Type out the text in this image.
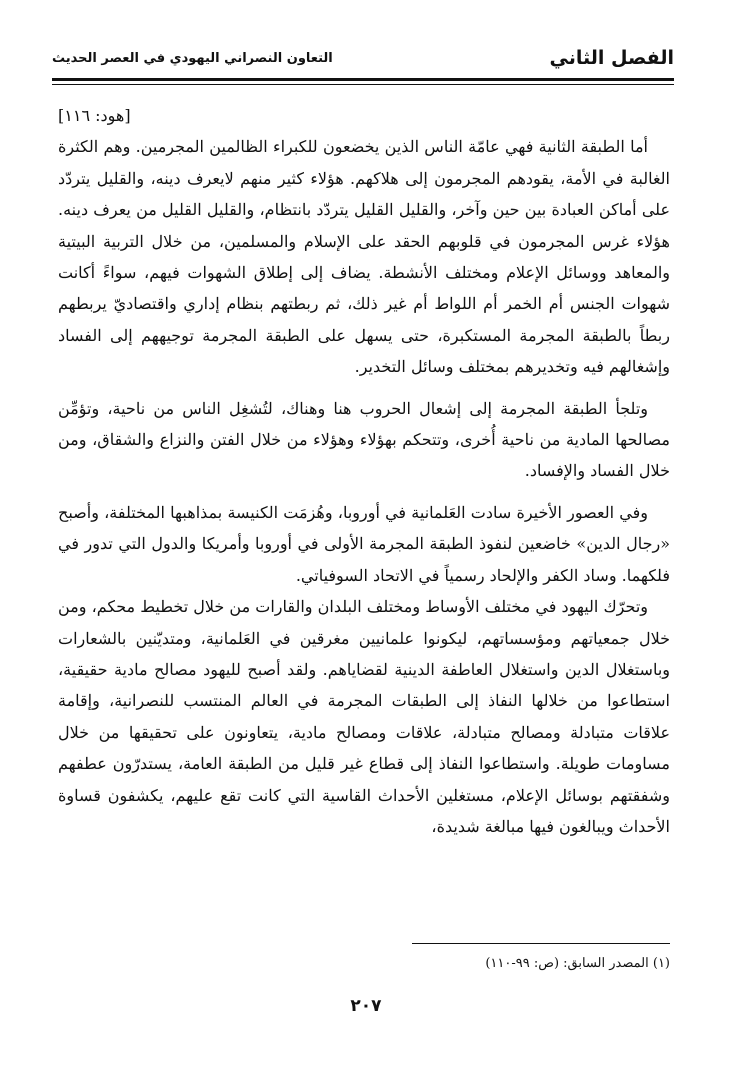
الفصل الثاني
التعاون النصراني اليهودي في العصر الحديث
[هود: ١١٦]

أما الطبقة الثانية فهي عامّة الناس الذين يخضعون للكبراء الظالمين المجرمين. وهم الكثرة الغالبة في الأمة، يقودهم المجرمون إلى هلاكهم. هؤلاء كثير منهم لايعرف دينه، والقليل يتردّد على أماكن العبادة بين حين وآخر، والقليل القليل يتردّد بانتظام، والقليل القليل من يعرف دينه. هؤلاء غرس المجرمون في قلوبهم الحقد على الإسلام والمسلمين، من خلال التربية البيتية والمعاهد ووسائل الإعلام ومختلف الأنشطة. يضاف إلى إطلاق الشهوات فيهم، سواءً أكانت شهوات الجنس أم الخمر أم اللواط أم غير ذلك، ثم ربطتهم بنظام إداري واقتصاديّ يربطهم ربطاً بالطبقة المجرمة المستكبرة، حتى يسهل على الطبقة المجرمة توجيههم إلى الفساد وإشغالهم فيه وتخديرهم بمختلف وسائل التخدير.

وتلجأ الطبقة المجرمة إلى إشعال الحروب هنا وهناك، لتُشغِل الناس من ناحية، وتؤمِّن مصالحها المادية من ناحية أُخرى، وتتحكم بهؤلاء وهؤلاء من خلال الفتن والنزاع والشقاق، ومن خلال الفساد والإفساد.

وفي العصور الأخيرة سادت العَلمانية في أوروبا، وهُزمَت الكنيسة بمذاهبها المختلفة، وأصبح «رجال الدين» خاضعين لنفوذ الطبقة المجرمة الأولى في أوروبا وأمريكا والدول التي تدور في فلكهما. وساد الكفر والإلحاد رسمياً في الاتحاد السوفياتي.

وتحرّك اليهود في مختلف الأوساط ومختلف البلدان والقارات من خلال تخطيط محكم، ومن خلال جمعياتهم ومؤسساتهم، ليكونوا علمانيين مغرقين في العَلمانية، ومتديّنين بالشعارات وباستغلال الدين واستغلال العاطفة الدينية لقضاياهم. ولقد أصبح لليهود مصالح مادية حقيقية، استطاعوا من خلالها النفاذ إلى الطبقات المجرمة في العالم المنتسب للنصرانية، وإقامة علاقات متبادلة ومصالح متبادلة، علاقات ومصالح مادية، يتعاونون على تحقيقها من خلال مساومات طويلة. واستطاعوا النفاذ إلى قطاع غير قليل من الطبقة العامة، يستدرّون عطفهم وشفقتهم بوسائل الإعلام، مستغلين الأحداث القاسية التي كانت تقع عليهم، يكشفون قساوة الأحداث ويبالغون فيها مبالغة شديدة،

(١) المصدر السابق: (ص: ٩٩-١١٠)
٢٠٧
